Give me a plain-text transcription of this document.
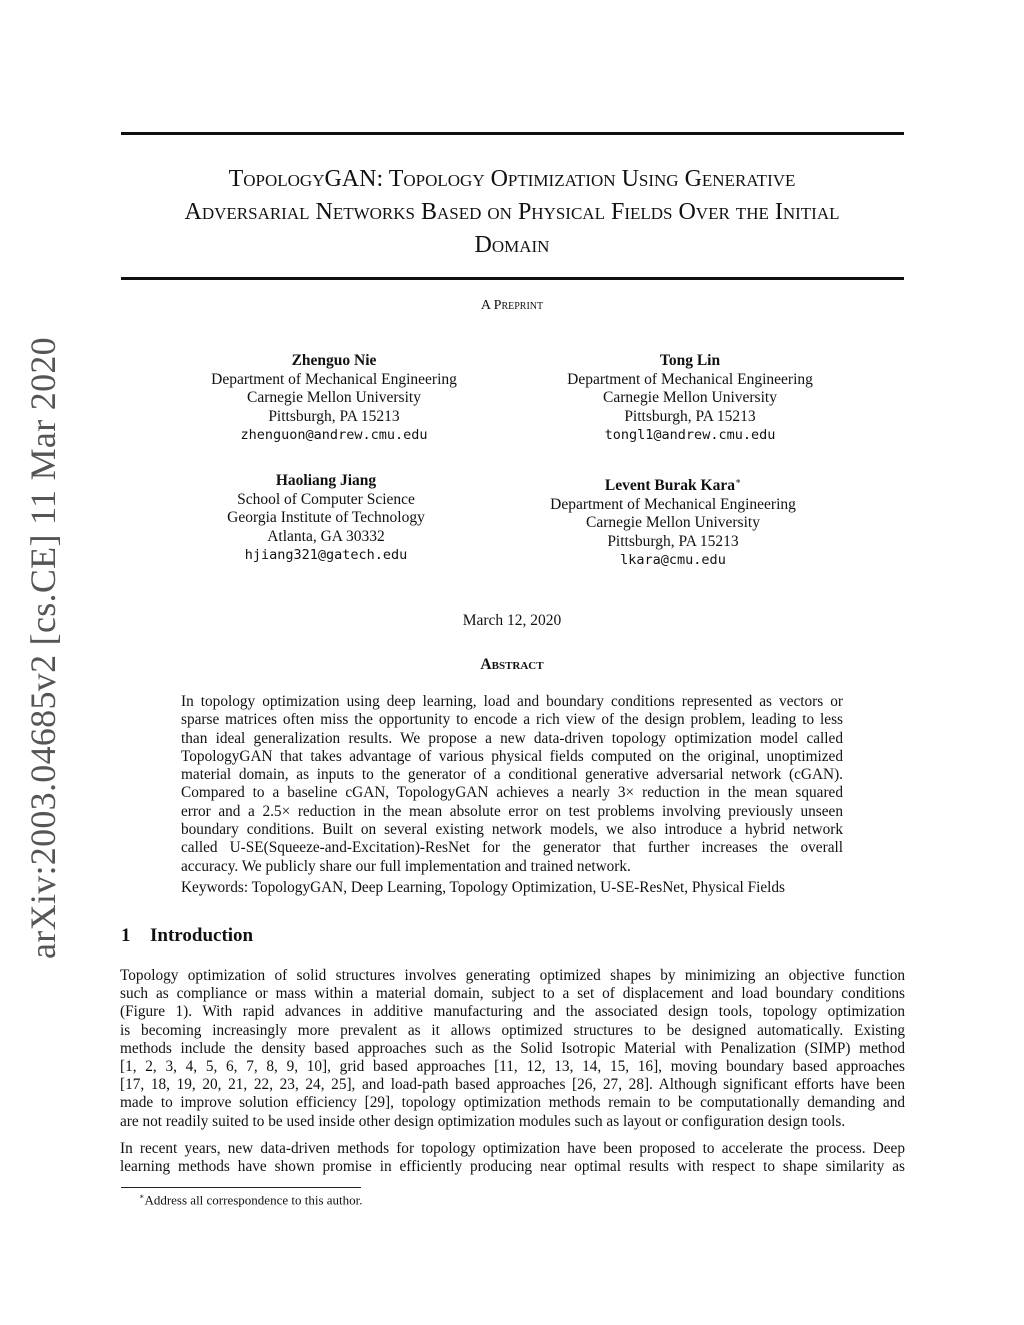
arXiv:2003.04685v2 [cs.CE] 11 Mar 2020
TopologyGAN: Topology Optimization Using Generative
Adversarial Networks Based on Physical Fields Over the Initial
Domain
A Preprint
Zhenguo Nie
Department of Mechanical Engineering
Carnegie Mellon University
Pittsburgh, PA 15213
zhenguon@andrew.cmu.edu
Tong Lin
Department of Mechanical Engineering
Carnegie Mellon University
Pittsburgh, PA 15213
tongl1@andrew.cmu.edu
Haoliang Jiang
School of Computer Science
Georgia Institute of Technology
Atlanta, GA 30332
hjiang321@gatech.edu
Levent Burak Kara∗
Department of Mechanical Engineering
Carnegie Mellon University
Pittsburgh, PA 15213
lkara@cmu.edu
March 12, 2020
Abstract
In topology optimization using deep learning, load and boundary conditions represented as vectors or
sparse matrices often miss the opportunity to encode a rich view of the design problem, leading to less
than ideal generalization results. We propose a new data-driven topology optimization model called
TopologyGAN that takes advantage of various physical fields computed on the original, unoptimized
material domain, as inputs to the generator of a conditional generative adversarial network (cGAN).
Compared to a baseline cGAN, TopologyGAN achieves a nearly 3× reduction in the mean squared
error and a 2.5× reduction in the mean absolute error on test problems involving previously unseen
boundary conditions. Built on several existing network models, we also introduce a hybrid network
called U-SE(Squeeze-and-Excitation)-ResNet for the generator that further increases the overall
accuracy. We publicly share our full implementation and trained network.
Keywords: TopologyGAN, Deep Learning, Topology Optimization, U-SE-ResNet, Physical Fields
1 Introduction
Topology optimization of solid structures involves generating optimized shapes by minimizing an objective function
such as compliance or mass within a material domain, subject to a set of displacement and load boundary conditions
(Figure 1). With rapid advances in additive manufacturing and the associated design tools, topology optimization
is becoming increasingly more prevalent as it allows optimized structures to be designed automatically. Existing
methods include the density based approaches such as the Solid Isotropic Material with Penalization (SIMP) method
[1, 2, 3, 4, 5, 6, 7, 8, 9, 10], grid based approaches [11, 12, 13, 14, 15, 16], moving boundary based approaches
[17, 18, 19, 20, 21, 22, 23, 24, 25], and load-path based approaches [26, 27, 28]. Although significant efforts have been
made to improve solution efficiency [29], topology optimization methods remain to be computationally demanding and
are not readily suited to be used inside other design optimization modules such as layout or configuration design tools.
In recent years, new data-driven methods for topology optimization have been proposed to accelerate the process. Deep
learning methods have shown promise in efficiently producing near optimal results with respect to shape similarity as
∗Address all correspondence to this author.
